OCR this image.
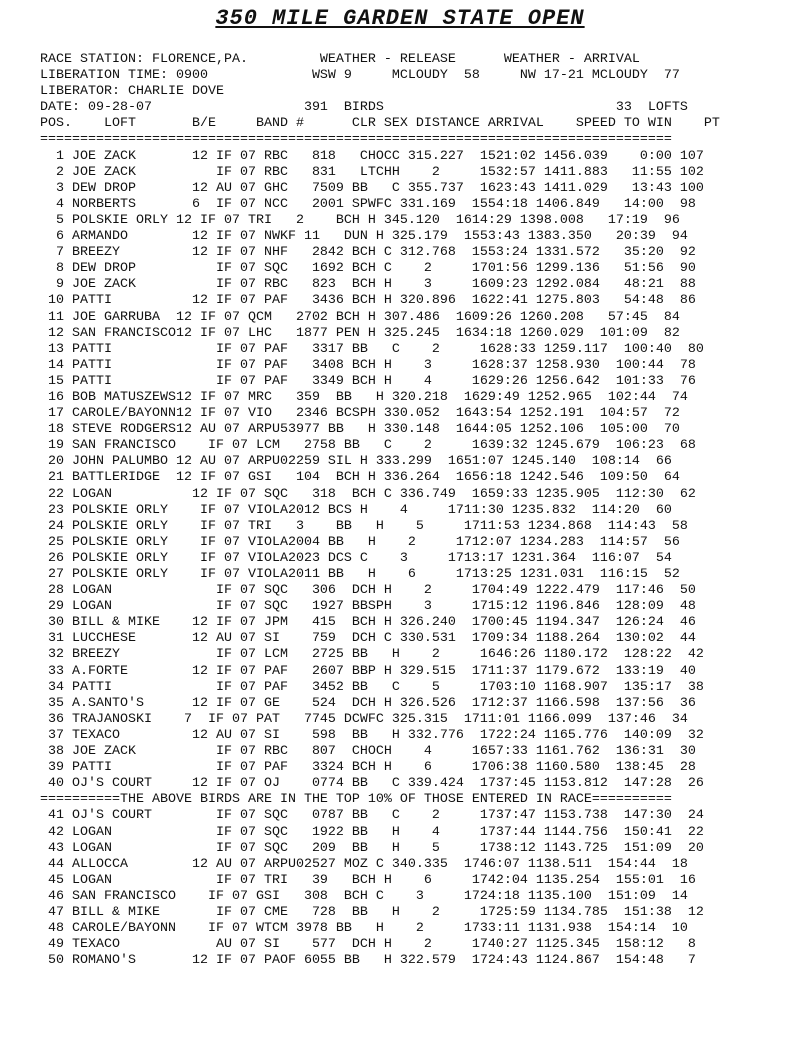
350 MILE GARDEN STATE OPEN
RACE STATION: FLORENCE,PA.         WEATHER - RELEASE      WEATHER - ARRIVAL
LIBERATION TIME: 0900             WSW 9     MCLOUDY  58     NW 17-21 MCLOUDY  77
LIBERATOR: CHARLIE DOVE
DATE: 09-28-07                   391  BIRDS                             33  LOFTS
POS.    LOFT       B/E     BAND #      CLR SEX DISTANCE ARRIVAL    SPEED TO WIN    PT
===============================================================================
1 JOE ZACK       12 IF 07 RBC   818   CHOCC 315.227  1521:02 1456.039    0:00 107
2 JOE ZACK          IF 07 RBC   831   LTCHH    2     1532:57 1411.883   11:55 102
3 DEW DROP       12 AU 07 GHC   7509 BB   C 355.737  1623:43 1411.029   13:43 100
4 NORBERTS       6  IF 07 NCC   2001 SPWFC 331.169  1554:18 1406.849   14:00  98
5 POLSKIE ORLY 12 IF 07 TRI   2    BCH H 345.120  1614:29 1398.008   17:19  96
6 ARMANDO        12 IF 07 NWKF 11   DUN H 325.179  1553:43 1383.350   20:39  94
7 BREEZY         12 IF 07 NHF   2842 BCH C 312.768  1553:24 1331.572   35:20  92
8 DEW DROP          IF 07 SQC   1692 BCH C    2     1701:56 1299.136   51:56  90
9 JOE ZACK          IF 07 RBC   823  BCH H    3     1609:23 1292.084   48:21  88
10 PATTI          12 IF 07 PAF   3436 BCH H 320.896  1622:41 1275.803   54:48  86
11 JOE GARRUBA  12 IF 07 QCM   2702 BCH H 307.486  1609:26 1260.208   57:45  84
12 SAN FRANCISCO12 IF 07 LHC   1877 PEN H 325.245  1634:18 1260.029  101:09  82
13 PATTI             IF 07 PAF   3317 BB   C    2     1628:33 1259.117  100:40  80
14 PATTI             IF 07 PAF   3408 BCH H    3     1628:37 1258.930  100:44  78
15 PATTI             IF 07 PAF   3349 BCH H    4     1629:26 1256.642  101:33  76
16 BOB MATUSZEWS12 IF 07 MRC   359  BB   H 320.218  1629:49 1252.965  102:44  74
17 CAROLE/BAYONN12 IF 07 VIO   2346 BCSPH 330.052  1643:54 1252.191  104:57  72
18 STEVE RODGERS12 AU 07 ARPU53977 BB   H 330.148  1644:05 1252.106  105:00  70
19 SAN FRANCISCO    IF 07 LCM   2758 BB   C    2     1639:32 1245.679  106:23  68
20 JOHN PALUMBO 12 AU 07 ARPU02259 SIL H 333.299  1651:07 1245.140  108:14  66
21 BATTLERIDGE  12 IF 07 GSI   104  BCH H 336.264  1656:18 1242.546  109:50  64
22 LOGAN          12 IF 07 SQC   318  BCH C 336.749  1659:33 1235.905  112:30  62
23 POLSKIE ORLY    IF 07 VIOLA2012 BCS H    4     1711:30 1235.832  114:20  60
24 POLSKIE ORLY    IF 07 TRI   3    BB   H    5     1711:53 1234.868  114:43  58
25 POLSKIE ORLY    IF 07 VIOLA2004 BB   H    2     1712:07 1234.283  114:57  56
26 POLSKIE ORLY    IF 07 VIOLA2023 DCS C    3     1713:17 1231.364  116:07  54
27 POLSKIE ORLY    IF 07 VIOLA2011 BB   H    6     1713:25 1231.031  116:15  52
28 LOGAN             IF 07 SQC   306  DCH H    2     1704:49 1222.479  117:46  50
29 LOGAN             IF 07 SQC   1927 BBSPH    3     1715:12 1196.846  128:09  48
30 BILL & MIKE    12 IF 07 JPM   415  BCH H 326.240  1700:45 1194.347  126:24  46
31 LUCCHESE       12 AU 07 SI    759  DCH C 330.531  1709:34 1188.264  130:02  44
32 BREEZY            IF 07 LCM   2725 BB   H    2     1646:26 1180.172  128:22  42
33 A.FORTE        12 IF 07 PAF   2607 BBP H 329.515  1711:37 1179.672  133:19  40
34 PATTI             IF 07 PAF   3452 BB   C    5     1703:10 1168.907  135:17  38
35 A.SANTO'S      12 IF 07 GE    524  DCH H 326.526  1712:37 1166.598  137:56  36
36 TRAJANOSKI    7  IF 07 PAT   7745 DCWFC 325.315  1711:01 1166.099  137:46  34
37 TEXACO         12 AU 07 SI    598  BB   H 332.776  1722:24 1165.776  140:09  32
38 JOE ZACK          IF 07 RBC   807  CHOCH    4     1657:33 1161.762  136:31  30
39 PATTI             IF 07 PAF   3324 BCH H    6     1706:38 1160.580  138:45  28
40 OJ'S COURT     12 IF 07 OJ    0774 BB   C 339.424  1737:45 1153.812  147:28  26
==========THE ABOVE BIRDS ARE IN THE TOP 10% OF THOSE ENTERED IN RACE==========
41 OJ'S COURT        IF 07 SQC   0787 BB   C    2     1737:47 1153.738  147:30  24
42 LOGAN             IF 07 SQC   1922 BB   H    4     1737:44 1144.756  150:41  22
43 LOGAN             IF 07 SQC   209  BB   H    5     1738:12 1143.725  151:09  20
44 ALLOCCA        12 AU 07 ARPU02527 MOZ C 340.335  1746:07 1138.511  154:44  18
45 LOGAN             IF 07 TRI   39   BCH H    6     1742:04 1135.254  155:01  16
46 SAN FRANCISCO    IF 07 GSI   308  BCH C    3     1724:18 1135.100  151:09  14
47 BILL & MIKE       IF 07 CME   728  BB   H    2     1725:59 1134.785  151:38  12
48 CAROLE/BAYONN    IF 07 WTCM 3978 BB   H    2     1733:11 1131.938  154:14  10
49 TEXACO            AU 07 SI    577  DCH H    2     1740:27 1125.345  158:12   8
50 ROMANO'S       12 IF 07 PAOF 6055 BB   H 322.579  1724:43 1124.867  154:48   7
